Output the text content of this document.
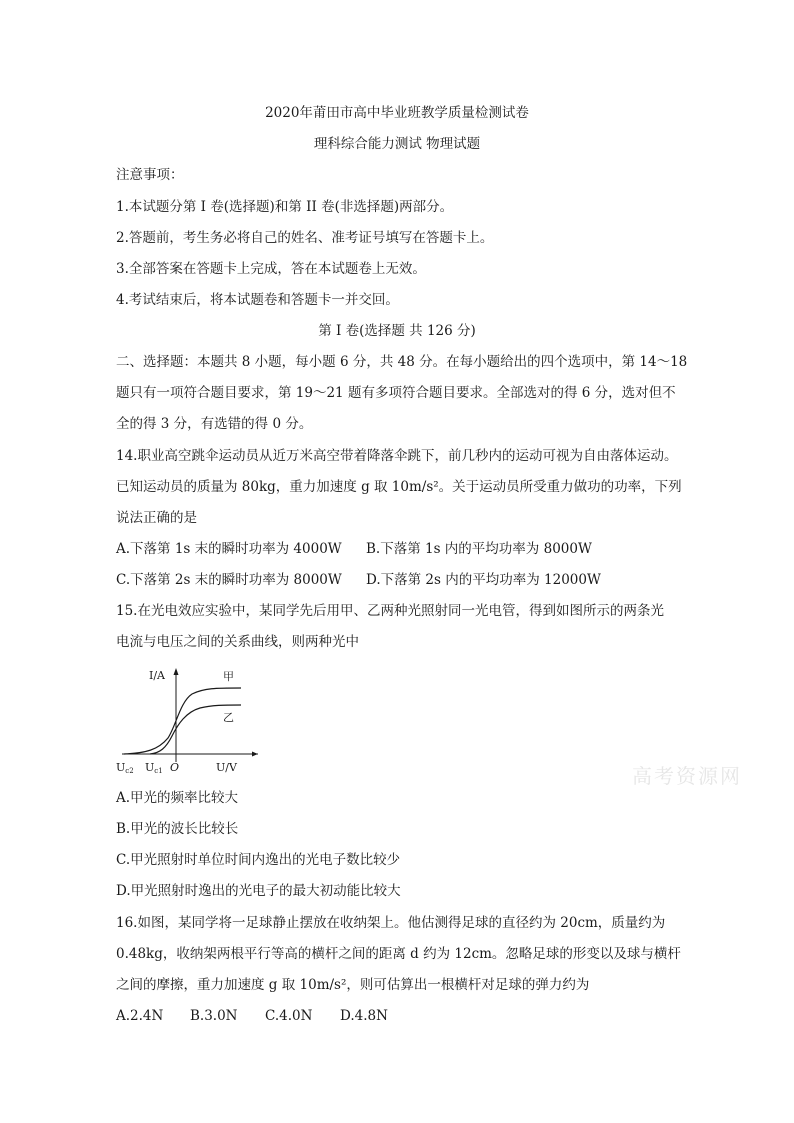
2020年莆田市高中毕业班教学质量检测试卷
理科综合能力测试 物理试题
注意事项：
1.本试题分第 I 卷(选择题)和第 II 卷(非选择题)两部分。
2.答题前，考生务必将自己的姓名、准考证号填写在答题卡上。
3.全部答案在答题卡上完成，答在本试题卷上无效。
4.考试结束后，将本试题卷和答题卡一并交回。
第 I 卷(选择题 共 126 分)
二、选择题：本题共 8 小题，每小题 6 分，共 48 分。在每小题给出的四个选项中，第 14～18
题只有一项符合题目要求，第 19～21 题有多项符合题目要求。全部选对的得 6 分，选对但不
全的得 3 分，有选错的得 0 分。
14.职业高空跳伞运动员从近万米高空带着降落伞跳下，前几秒内的运动可视为自由落体运动。
已知运动员的质量为 80kg，重力加速度 g 取 10m/s²。关于运动员所受重力做功的功率，下列
说法正确的是
A.下落第 1s 末的瞬时功率为 4000W B.下落第 1s 内的平均功率为 8000W
C.下落第 2s 末的瞬时功率为 8000W D.下落第 2s 内的平均功率为 12000W
15.在光电效应实验中，某同学先后用甲、乙两种光照射同一光电管，得到如图所示的两条光
电流与电压之间的关系曲线，则两种光中
I/A	甲
乙
Uc2 Uc1 O	U/V	高考资源网
A.甲光的频率比较大
B.甲光的波长比较长
C.甲光照射时单位时间内逸出的光电子数比较少
D.甲光照射时逸出的光电子的最大初动能比较大
16.如图，某同学将一足球静止摆放在收纳架上。他估测得足球的直径约为 20cm，质量约为
0.48kg，收纳架两根平行等高的横杆之间的距离 d 约为 12cm。忽略足球的形变以及球与横杆
之间的摩擦，重力加速度 g 取 10m/s²，则可估算出一根横杆对足球的弹力约为
A.2.4N B.3.0N C.4.0N D.4.8N
